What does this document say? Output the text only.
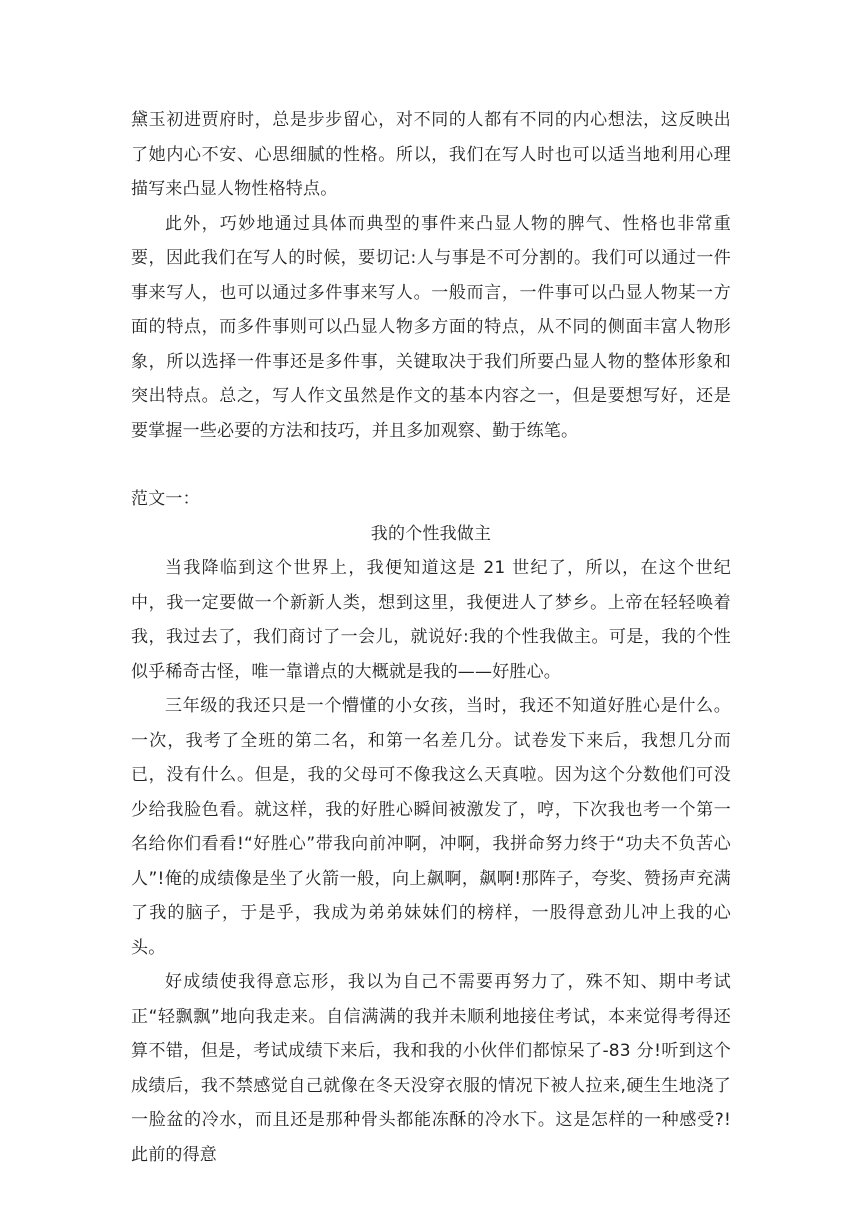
黛玉初进贾府时，总是步步留心，对不同的人都有不同的内心想法，这反映出了她内心不安、心思细腻的性格。所以，我们在写人时也可以适当地利用心理描写来凸显人物性格特点。

此外，巧妙地通过具体而典型的事件来凸显人物的脾气、性格也非常重要，因此我们在写人的时候，要切记:人与事是不可分割的。我们可以通过一件事来写人，也可以通过多件事来写人。一般而言，一件事可以凸显人物某一方面的特点，而多件事则可以凸显人物多方面的特点，从不同的侧面丰富人物形象，所以选择一件事还是多件事，关键取决于我们所要凸显人物的整体形象和突出特点。总之，写人作文虽然是作文的基本内容之一，但是要想写好，还是要掌握一些必要的方法和技巧，并且多加观察、勤于练笔。

范文一：

我的个性我做主

当我降临到这个世界上，我便知道这是 21 世纪了，所以，在这个世纪中，我一定要做一个新新人类，想到这里，我便进人了梦乡。上帝在轻轻唤着我，我过去了，我们商讨了一会儿，就说好:我的个性我做主。可是，我的个性似乎稀奇古怪，唯一靠谱点的大概就是我的——好胜心。

三年级的我还只是一个懵懂的小女孩，当时，我还不知道好胜心是什么。一次，我考了全班的第二名，和第一名差几分。试卷发下来后，我想几分而已，没有什么。但是，我的父母可不像我这么天真啦。因为这个分数他们可没少给我脸色看。就这样，我的好胜心瞬间被激发了，哼，下次我也考一个第一名给你们看看!“好胜心”带我向前冲啊，冲啊，我拼命努力终于“功夫不负苦心人”!俺的成绩像是坐了火箭一般，向上飙啊，飙啊!那阵子，夸奖、赞扬声充满了我的脑子，于是乎，我成为弟弟妹妹们的榜样，一股得意劲儿冲上我的心头。

好成绩使我得意忘形，我以为自己不需要再努力了，殊不知、期中考试正“轻飘飘”地向我走来。自信满满的我并未顺利地接住考试，本来觉得考得还算不错，但是，考试成绩下来后，我和我的小伙伴们都惊呆了-83 分!听到这个成绩后，我不禁感觉自己就像在冬天没穿衣服的情况下被人拉来,硬生生地浇了一脸盆的冷水，而且还是那种骨头都能冻酥的冷水下。这是怎样的一种感受?!此前的得意
